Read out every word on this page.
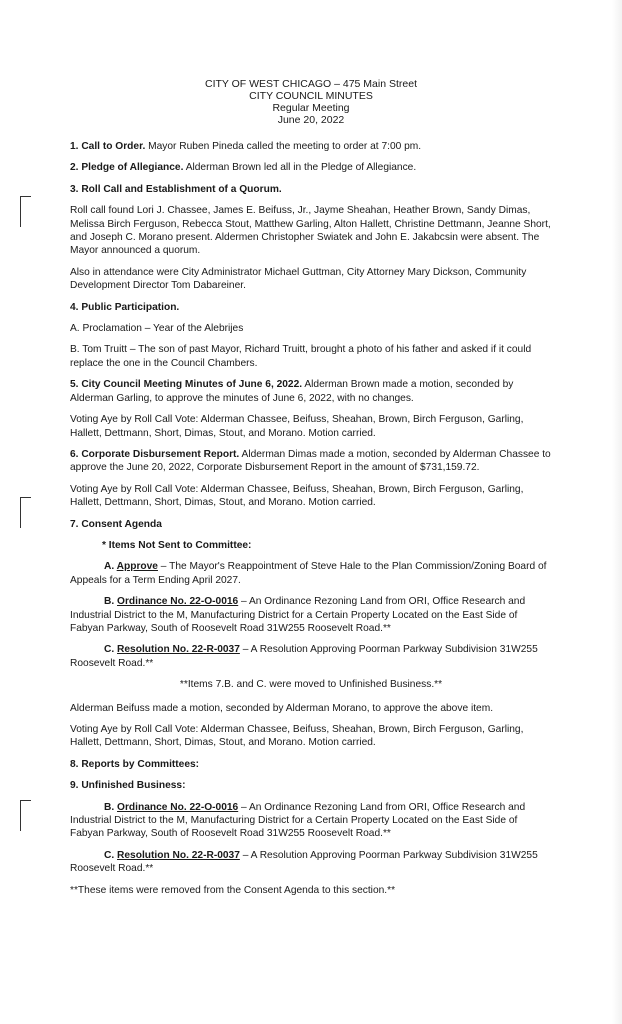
CITY OF WEST CHICAGO – 475 Main Street
CITY COUNCIL MINUTES
Regular Meeting
June 20, 2022

1. Call to Order. Mayor Ruben Pineda called the meeting to order at 7:00 pm.

2. Pledge of Allegiance. Alderman Brown led all in the Pledge of Allegiance.

3. Roll Call and Establishment of a Quorum.

Roll call found Lori J. Chassee, James E. Beifuss, Jr., Jayme Sheahan, Heather Brown, Sandy Dimas, Melissa Birch Ferguson, Rebecca Stout, Matthew Garling, Alton Hallett, Christine Dettmann, Jeanne Short, and Joseph C. Morano present. Aldermen Christopher Swiatek and John E. Jakabcsin were absent. The Mayor announced a quorum.

Also in attendance were City Administrator Michael Guttman, City Attorney Mary Dickson, Community Development Director Tom Dabareiner.

4. Public Participation.

A. Proclamation – Year of the Alebrijes

B. Tom Truitt – The son of past Mayor, Richard Truitt, brought a photo of his father and asked if it could replace the one in the Council Chambers.

5. City Council Meeting Minutes of June 6, 2022. Alderman Brown made a motion, seconded by Alderman Garling, to approve the minutes of June 6, 2022, with no changes.

Voting Aye by Roll Call Vote: Alderman Chassee, Beifuss, Sheahan, Brown, Birch Ferguson, Garling, Hallett, Dettmann, Short, Dimas, Stout, and Morano. Motion carried.

6. Corporate Disbursement Report. Alderman Dimas made a motion, seconded by Alderman Chassee to approve the June 20, 2022, Corporate Disbursement Report in the amount of $731,159.72.

Voting Aye by Roll Call Vote: Alderman Chassee, Beifuss, Sheahan, Brown, Birch Ferguson, Garling, Hallett, Dettmann, Short, Dimas, Stout, and Morano. Motion carried.

7. Consent Agenda

* Items Not Sent to Committee:

A. Approve – The Mayor's Reappointment of Steve Hale to the Plan Commission/Zoning Board of Appeals for a Term Ending April 2027.

B. Ordinance No. 22-O-0016 – An Ordinance Rezoning Land from ORI, Office Research and Industrial District to the M, Manufacturing District for a Certain Property Located on the East Side of Fabyan Parkway, South of Roosevelt Road 31W255 Roosevelt Road.**

C. Resolution No. 22-R-0037 – A Resolution Approving Poorman Parkway Subdivision 31W255 Roosevelt Road.**

**Items 7.B. and C. were moved to Unfinished Business.**

Alderman Beifuss made a motion, seconded by Alderman Morano, to approve the above item.

Voting Aye by Roll Call Vote: Alderman Chassee, Beifuss, Sheahan, Brown, Birch Ferguson, Garling, Hallett, Dettmann, Short, Dimas, Stout, and Morano. Motion carried.

8. Reports by Committees:

9. Unfinished Business:

B. Ordinance No. 22-O-0016 – An Ordinance Rezoning Land from ORI, Office Research and Industrial District to the M, Manufacturing District for a Certain Property Located on the East Side of Fabyan Parkway, South of Roosevelt Road 31W255 Roosevelt Road.**

C. Resolution No. 22-R-0037 – A Resolution Approving Poorman Parkway Subdivision 31W255 Roosevelt Road.**

**These items were removed from the Consent Agenda to this section.**
